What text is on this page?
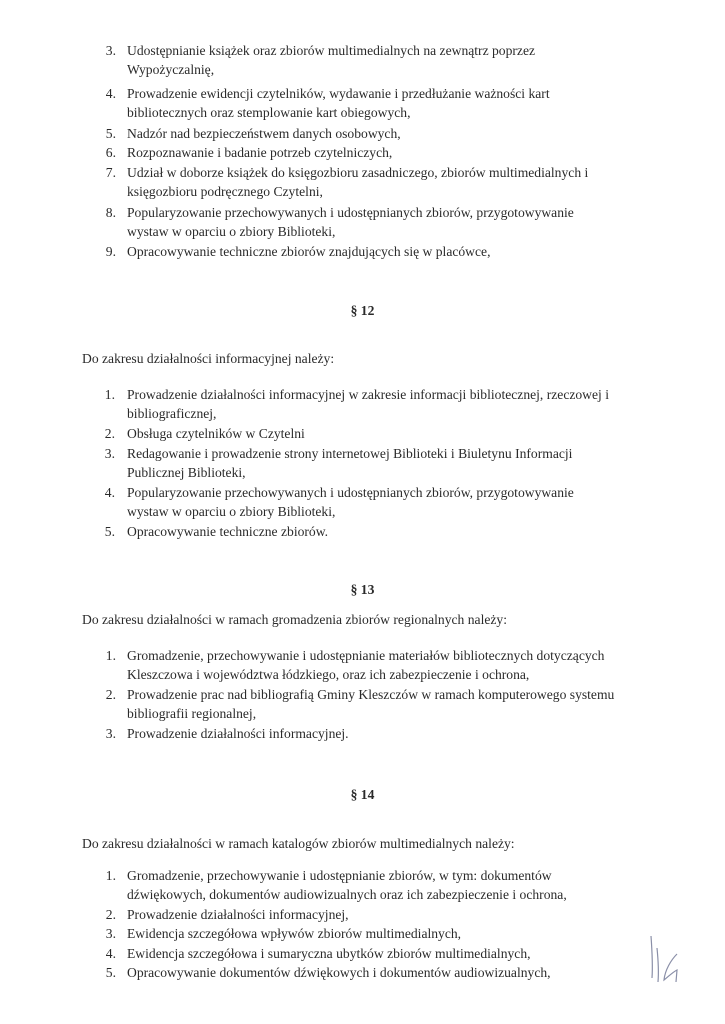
3. Udostępnianie książek oraz zbiorów multimedialnych na zewnątrz poprzez
Wypożyczalnię,
4. Prowadzenie ewidencji czytelników, wydawanie i przedłużanie ważności kart
bibliotecznych oraz stemplowanie kart obiegowych,
5. Nadzór nad bezpieczeństwem danych osobowych,
6. Rozpoznawanie i badanie potrzeb czytelniczych,
7. Udział w doborze książek do księgozbioru zasadniczego, zbiorów multimedialnych i
księgozbioru podręcznego Czytelni,
8. Popularyzowanie przechowywanych i udostępnianych zbiorów, przygotowywanie
wystaw w oparciu o zbiory Biblioteki,
9. Opracowywanie techniczne zbiorów znajdujących się w placówce,
§ 12
Do zakresu działalności informacyjnej należy:
1. Prowadzenie działalności informacyjnej w zakresie informacji bibliotecznej, rzeczowej i
bibliograficznej,
2. Obsługa czytelników w Czytelni
3. Redagowanie i prowadzenie strony internetowej Biblioteki i Biuletynu Informacji
Publicznej Biblioteki,
4. Popularyzowanie przechowywanych i udostępnianych zbiorów, przygotowywanie
wystaw w oparciu o zbiory Biblioteki,
5. Opracowywanie techniczne zbiorów.
§ 13
Do zakresu działalności w ramach gromadzenia zbiorów regionalnych należy:
1. Gromadzenie, przechowywanie i udostępnianie materiałów bibliotecznych dotyczących
Kleszczowa i województwa łódzkiego, oraz ich zabezpieczenie i ochrona,
2. Prowadzenie prac nad bibliografią Gminy Kleszczów w ramach komputerowego systemu
bibliografii regionalnej,
3. Prowadzenie działalności informacyjnej.
§ 14
Do zakresu działalności w ramach katalogów zbiorów multimedialnych należy:
1. Gromadzenie, przechowywanie i udostępnianie zbiorów, w tym: dokumentów
dźwiękowych, dokumentów audiowizualnych oraz ich zabezpieczenie i ochrona,
2. Prowadzenie działalności informacyjnej,
3. Ewidencja szczegółowa wpływów zbiorów multimedialnych,
4. Ewidencja szczegółowa i sumaryczna ubytków zbiorów multimedialnych,
5. Opracowywanie dokumentów dźwiękowych i dokumentów audiowizualnych,
